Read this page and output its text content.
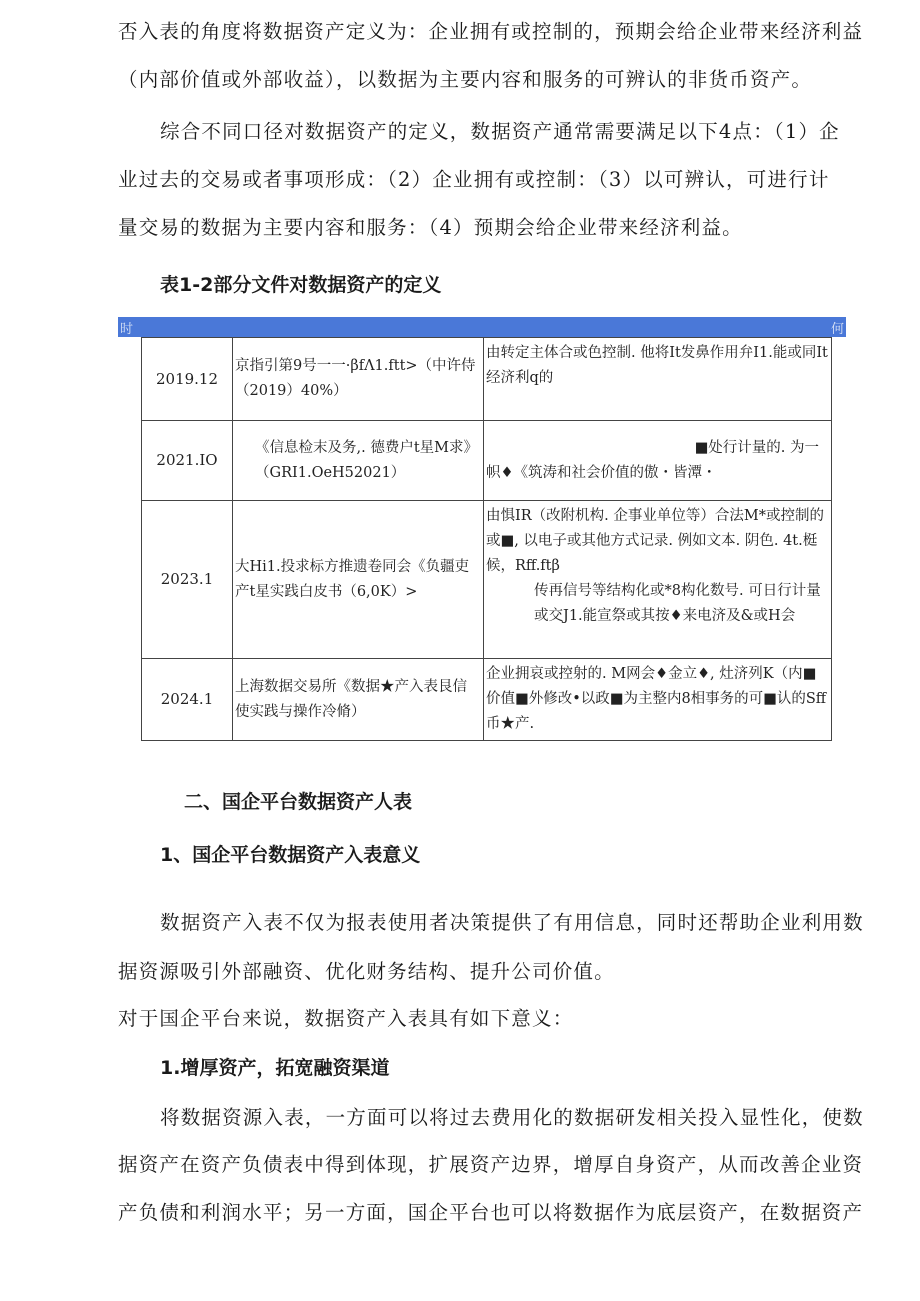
否入表的角度将数据资产定义为：企业拥有或控制的，预期会给企业带来经济利益
（内部价值或外部收益），以数据为主要内容和服务的可辨认的非货币资产。
综合不同口径对数据资产的定义，数据资产通常需要满足以下4点：（1）企
业过去的交易或者事项形成：（2）企业拥有或控制：（3）以可辨认，可进行计
量交易的数据为主要内容和服务：（4）预期会给企业带来经济利益。
表1-2部分文件对数据资产的定义
时	何
2019.12	京指引第9号一一·βfΛ1.ftt>（中许侍（2019）40%）	由转定主体合或色控制. 他将It发鼻作用弁I1.能或同It经济利q的
2021.IO	《信息检末及务,. 德费户t星M求》（GRI1.OeH52021）	■处行计量的. 为一
帜♦《筑涛和社会价值的傲・皆潭・

2023.1	大Hi1.投求标方推遗卷同会《负疆吏产t星实践白皮书（6,0K）>	由惧IR（改附机构. 企事业单位等）合法M*或控制的或■, 以电子或其他方式记录. 例如文本. 阴色. 4t.梃候，Rff.ftβ
传再信号等结构化或*8构化数号. 可日行计量或交J1.能宣祭或其按♦来电济及&或H会

2024.1	上海数据交易所《数据★产入表艮信使实践与操作冷脩）	企业拥哀或控射的. M网会♦金立♦, 灶济列K（内■价值■外修改•以政■为主整内8相事务的可■认的Sff币★产.
二、国企平台数据资产人表
1、国企平台数据资产入表意义
数据资产入表不仅为报表使用者决策提供了有用信息，同时还帮助企业利用数
据资源吸引外部融资、优化财务结构、提升公司价值。
对于国企平台来说，数据资产入表具有如下意义：
1.增厚资产，拓宽融资渠道
将数据资源入表，一方面可以将过去费用化的数据研发相关投入显性化，使数
据资产在资产负债表中得到体现，扩展资产边界，增厚自身资产，从而改善企业资
产负债和利润水平；另一方面，国企平台也可以将数据作为底层资产，在数据资产
